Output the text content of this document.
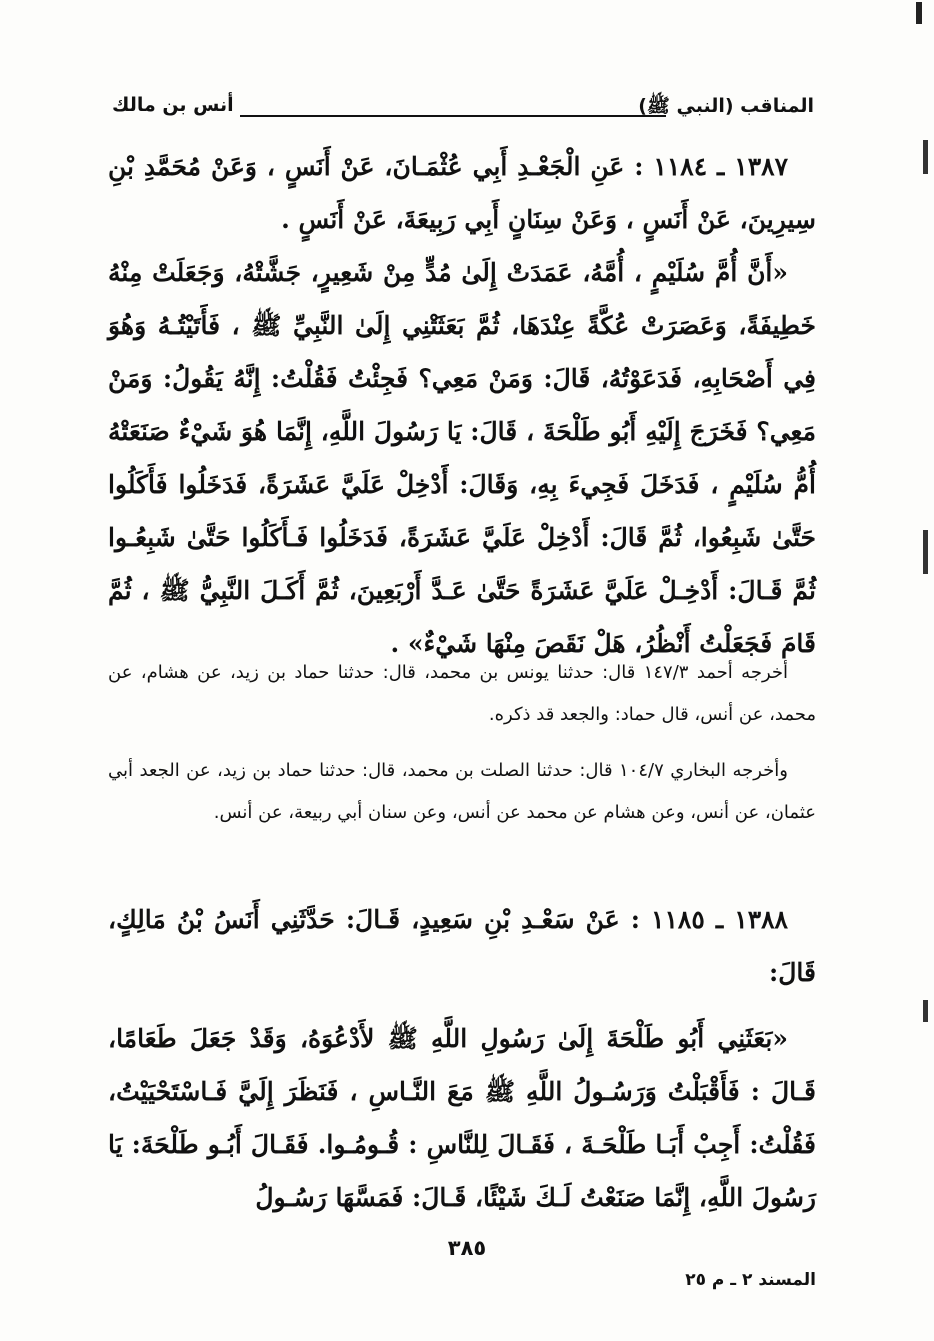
المناقب (النبي ﷺ)
أنس بن مالك

١٣٨٧ ـ ١١٨٤ : عَنِ الْجَعْـدِ أَبِي عُثْمَـانَ، عَنْ أَنَسٍ ، وَعَنْ مُحَمَّدِ بْنِ سِيرِينَ، عَنْ أَنَسٍ ، وَعَنْ سِنَانٍ أَبِي رَبِيعَةَ، عَنْ أَنَسٍ .

«أَنَّ أُمَّ سُلَيْمٍ ، أُمَّهُ، عَمَدَتْ إِلَىٰ مُدٍّ مِنْ شَعِيرٍ، جَشَّتْهُ، وَجَعَلَتْ مِنْهُ خَطِيفَةً، وَعَصَرَتْ عُكَّةً عِنْدَهَا، ثُمَّ بَعَثَتْنِي إِلَىٰ النَّبِيِّ ﷺ ، فَأَتَيْتُـهُ وَهُوَ فِي أَصْحَابِهِ، فَدَعَوْتُهُ، قَالَ: وَمَنْ مَعِي؟ فَجِئْتُ فَقُلْتُ: إِنَّهُ يَقُولُ: وَمَنْ مَعِي؟ فَخَرَجَ إِلَيْهِ أَبُو طَلْحَةَ ، قَالَ: يَا رَسُولَ اللَّهِ، إِنَّمَا هُوَ شَيْءٌ صَنَعَتْهُ أُمُّ سُلَيْمٍ ، فَدَخَلَ فَجِيءَ بِهِ، وَقَالَ: أَدْخِلْ عَلَيَّ عَشَرَةً، فَدَخَلُوا فَأَكَلُوا حَتَّىٰ شَبِعُوا، ثُمَّ قَالَ: أَدْخِلْ عَلَيَّ عَشَرَةً، فَدَخَلُوا فَـأَكَلُوا حَتَّىٰ شَبِعُـوا ثُمَّ قَـالَ: أَدْخِـلْ عَلَيَّ عَشَرَةً حَتَّىٰ عَـدَّ أَرْبَعِينَ، ثُمَّ أَكَـلَ النَّبِيُّ ﷺ ، ثُمَّ قَامَ فَجَعَلْتُ أَنْظُرُ، هَلْ نَقَصَ مِنْهَا شَيْءٌ» .

أخرجه أحمد ١٤٧/٣ قال: حدثنا يونس بن محمد، قال: حدثنا حماد بن زيد، عن هشام، عن محمد، عن أنس، قال حماد: والجعد قد ذكره.

وأخرجه البخاري ١٠٤/٧ قال: حدثنا الصلت بن محمد، قال: حدثنا حماد بن زيد، عن الجعد أبي عثمان، عن أنس، وعن هشام عن محمد عن أنس، وعن سنان أبي ربيعة، عن أنس.

١٣٨٨ ـ ١١٨٥ : عَنْ سَعْـدِ بْنِ سَعِيدٍ، قَـالَ: حَدَّثَنِي أَنَسُ بْنُ مَالِكٍ، قَالَ:

«بَعَثَنِي أَبُو طَلْحَةَ إِلَىٰ رَسُولِ اللَّهِ ﷺ لأَدْعُوَهُ، وَقَدْ جَعَلَ طَعَامًا، قَـالَ : فَأَقْبَلْتُ وَرَسُـولُ اللَّهِ ﷺ مَعَ النَّـاسِ ، فَنَظَرَ إِلَيَّ فَـاسْتَحْيَيْتُ، فَقُلْتُ: أَجِبْ أَبَـا طَلْحَـةَ ، فَقَـالَ لِلنَّاسِ : قُـومُـوا. فَقَـالَ أَبُـو طَلْحَةَ: يَا رَسُولَ اللَّهِ، إِنَّمَا صَنَعْتُ لَـكَ شَيْئًا، قَـالَ: فَمَسَّهَا رَسُـولُ

٣٨٥
المسند ٢ ـ م ٢٥
